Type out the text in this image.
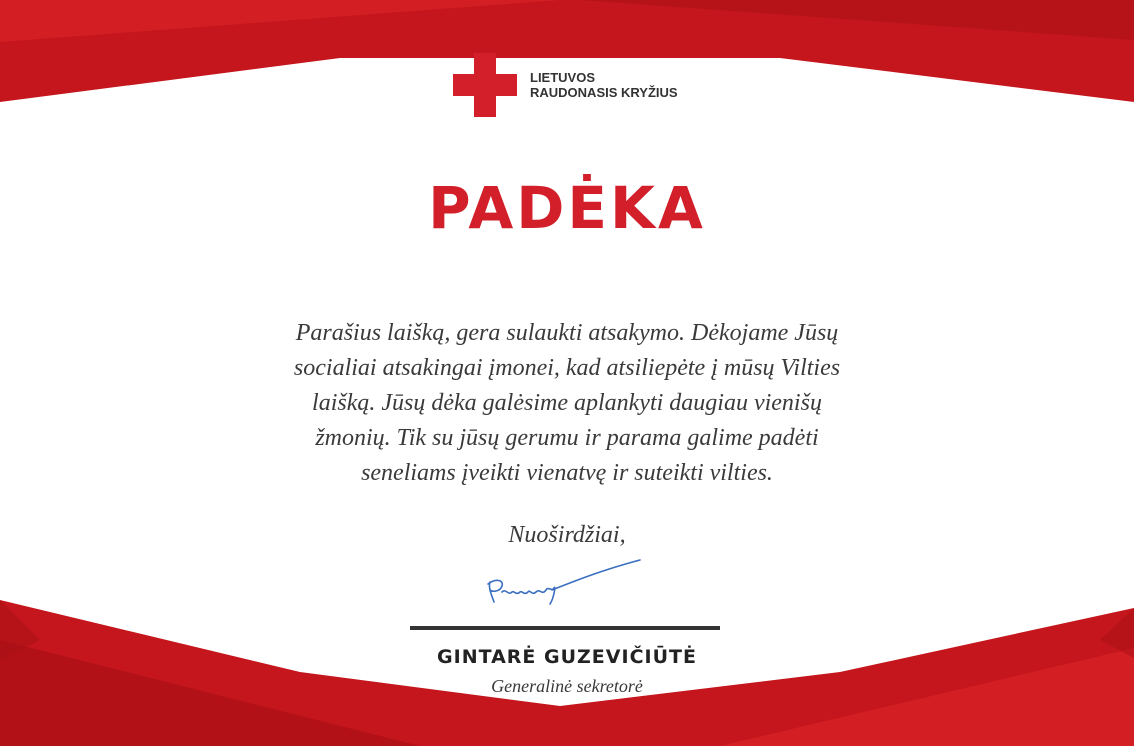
LIETUVOS
RAUDONASIS KRYŽIUS
PADĖKA
Parašius laišką, gera sulaukti atsakymo. Dėkojame Jūsų
socialiai atsakingai įmonei, kad atsiliepėte į mūsų Vilties
laišką. Jūsų dėka galėsime aplankyti daugiau vienišų
žmonių. Tik su jūsų gerumu ir parama galime padėti
seneliams įveikti vienatvę ir suteikti vilties.
Nuoširdžiai,
GINTARĖ GUZEVIČIŪTĖ
Generalinė sekretorė
